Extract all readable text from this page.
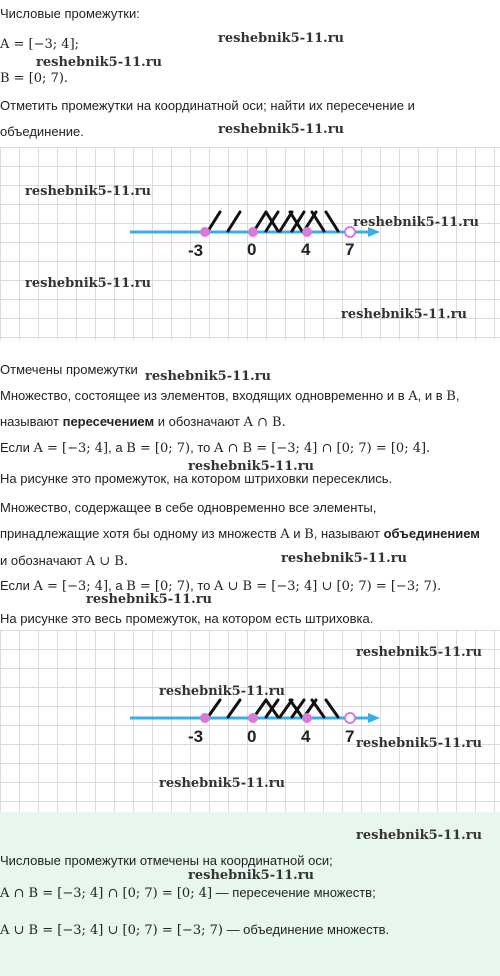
Числовые промежутки:
A = [−3; 4];
B = [0; 7).
Отметить промежутки на координатной оси; найти их пересечение и
объединение.
-3	0	4 7
Отмечены промежутки
Множество, состоящее из элементов, входящих одновременно и в A, и в B,
называют пересечением и обозначают A ∩ B.
Если A = [−3; 4], а B = [0; 7), то A ∩ B = [−3; 4] ∩ [0; 7) = [0; 4].
На рисунке это промежуток, на котором штриховки пересеклись.
Множество, содержащее в себе одновременно все элементы,
принадлежащие хотя бы одному из множеств A и B, называют объединением
и обозначают A ∪ B.
Если A = [−3; 4], а B = [0; 7), то A ∪ B = [−3; 4] ∪ [0; 7) = [−3; 7).
На рисунке это весь промежуток, на котором есть штриховка.
-3	0	4 7
Числовые промежутки отмечены на координатной оси;
A ∩ B = [−3; 4] ∩ [0; 7) = [0; 4] — пересечение множеств;
A ∪ B = [−3; 4] ∪ [0; 7) = [−3; 7) — объединение множеств.
reshebnik5-11.ru
reshebnik5-11.ru
reshebnik5-11.ru
reshebnik5-11.ru
reshebnik5-11.ru
reshebnik5-11.ru
reshebnik5-11.ru
reshebnik5-11.ru
reshebnik5-11.ru
reshebnik5-11.ru
reshebnik5-11.ru
reshebnik5-11.ru
reshebnik5-11.ru
reshebnik5-11.ru
reshebnik5-11.ru
reshebnik5-11.ru
reshebnik5-11.ru
